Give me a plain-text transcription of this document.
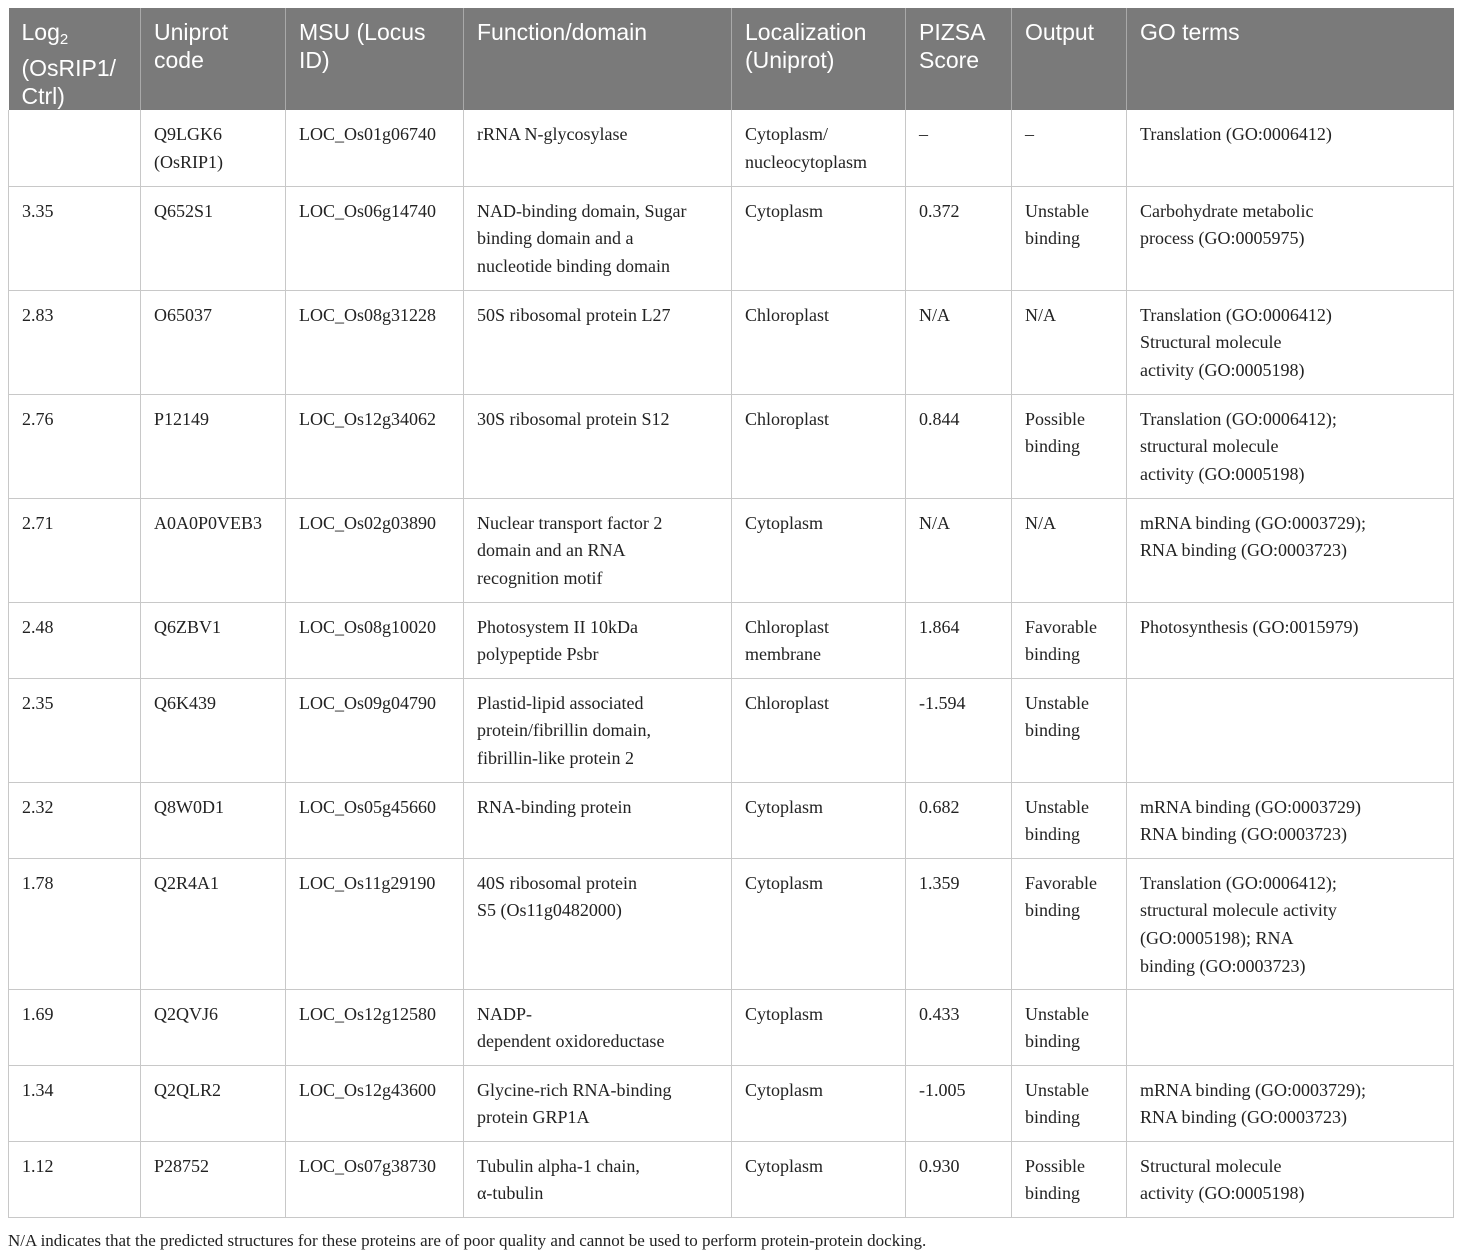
Log$_2$ (OsRIP1/ Ctrl)	Uniprot code	MSU (Locus ID)	Function/domain	Localization (Uniprot)	PIZSA Score	Output	GO terms
	Q9LGK6
(OsRIP1)	LOC_Os01g06740	rRNA N-glycosylase	Cytoplasm/
nucleocytoplasm	–	–	Translation (GO:0006412)
3.35	Q652S1	LOC_Os06g14740	NAD-binding domain, Sugar
binding domain and a
nucleotide binding domain	Cytoplasm	0.372	Unstable
binding	Carbohydrate metabolic
process (GO:0005975)
2.83	O65037	LOC_Os08g31228	50S ribosomal protein L27	Chloroplast	N/A	N/A	Translation (GO:0006412)
Structural molecule
activity (GO:0005198)
2.76	P12149	LOC_Os12g34062	30S ribosomal protein S12	Chloroplast	0.844	Possible
binding	Translation (GO:0006412);
structural molecule
activity (GO:0005198)
2.71	A0A0P0VEB3	LOC_Os02g03890	Nuclear transport factor 2
domain and an RNA
recognition motif	Cytoplasm	N/A	N/A	mRNA binding (GO:0003729);
RNA binding (GO:0003723)
2.48	Q6ZBV1	LOC_Os08g10020	Photosystem II 10kDa
polypeptide Psbr	Chloroplast
membrane	1.864	Favorable
binding	Photosynthesis (GO:0015979)
2.35	Q6K439	LOC_Os09g04790	Plastid-lipid associated
protein/fibrillin domain,
fibrillin-like protein 2	Chloroplast	-1.594	Unstable
binding	
2.32	Q8W0D1	LOC_Os05g45660	RNA-binding protein	Cytoplasm	0.682	Unstable
binding	mRNA binding (GO:0003729)
RNA binding (GO:0003723)
1.78	Q2R4A1	LOC_Os11g29190	40S ribosomal protein
S5 (Os11g0482000)	Cytoplasm	1.359	Favorable
binding	Translation (GO:0006412);
structural molecule activity
(GO:0005198); RNA
binding (GO:0003723)
1.69	Q2QVJ6	LOC_Os12g12580	NADP-
dependent oxidoreductase	Cytoplasm	0.433	Unstable
binding	
1.34	Q2QLR2	LOC_Os12g43600	Glycine-rich RNA-binding
protein GRP1A	Cytoplasm	-1.005	Unstable
binding	mRNA binding (GO:0003729);
RNA binding (GO:0003723)
1.12	P28752	LOC_Os07g38730	Tubulin alpha-1 chain,
α-tubulin	Cytoplasm	0.930	Possible
binding	Structural molecule
activity (GO:0005198)

N/A indicates that the predicted structures for these proteins are of poor quality and cannot be used to perform protein-protein docking.
